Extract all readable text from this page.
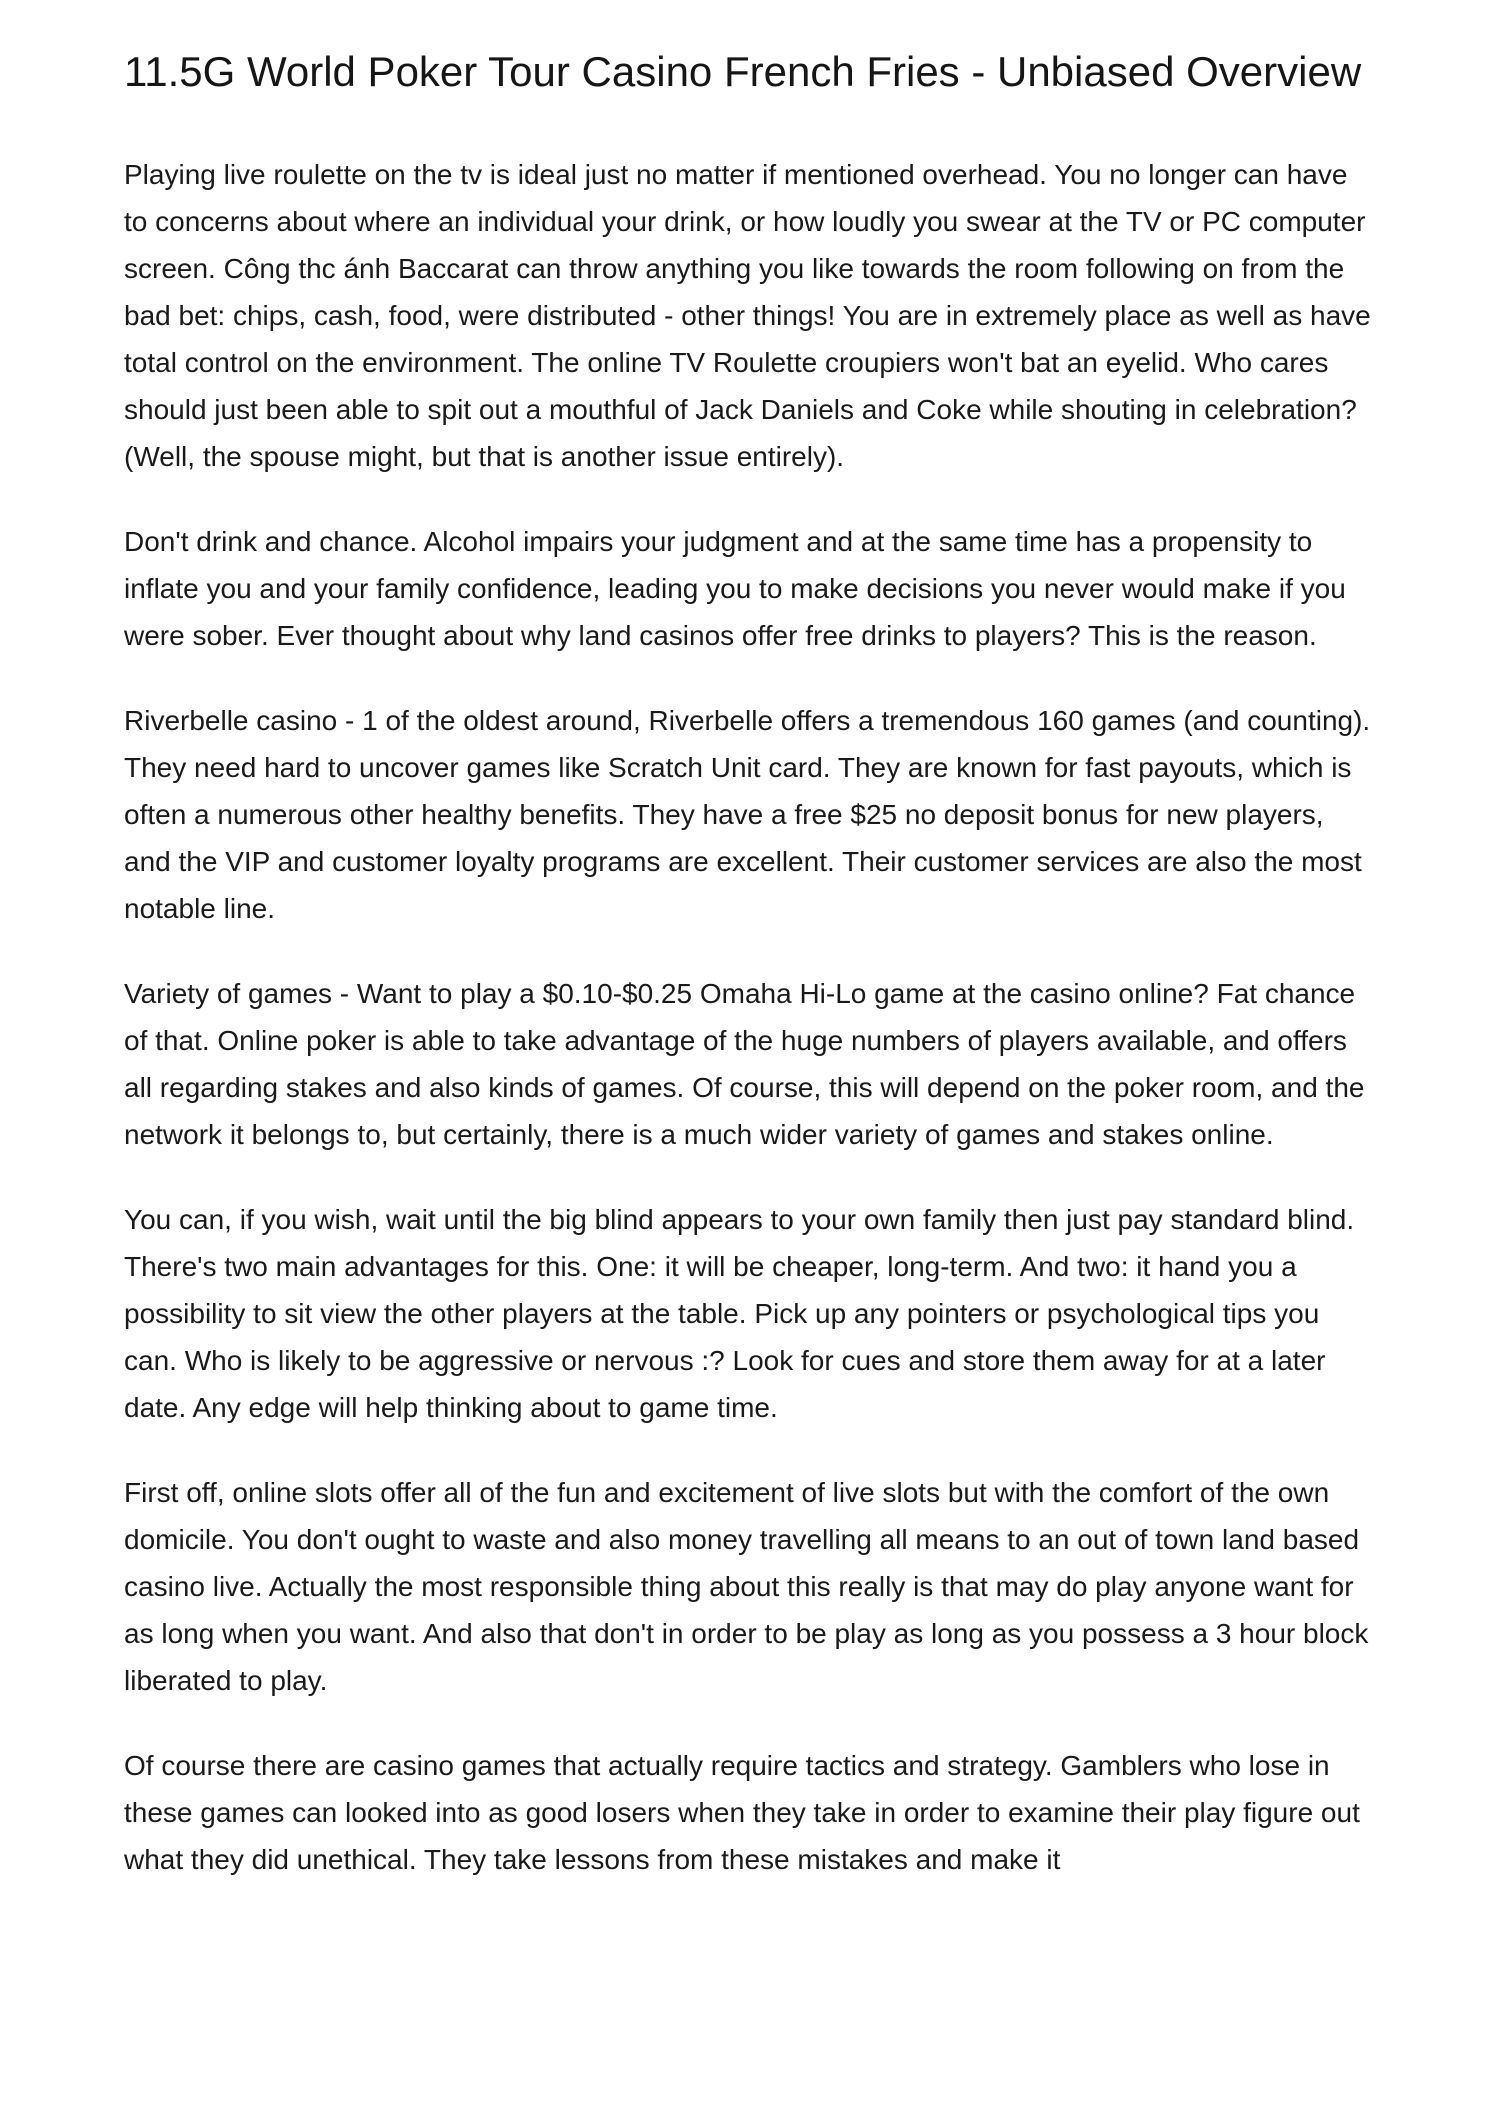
11.5G World Poker Tour Casino French Fries - Unbiased Overview

Playing live roulette on the tv is ideal just no matter if mentioned overhead. You no longer can have to concerns about where an individual your drink, or how loudly you swear at the TV or PC computer screen. Công thc ánh Baccarat can throw anything you like towards the room following on from the bad bet: chips, cash, food, were distributed - other things! You are in extremely place as well as have total control on the environment. The online TV Roulette croupiers won't bat an eyelid. Who cares should just been able to spit out a mouthful of Jack Daniels and Coke while shouting in celebration? (Well, the spouse might, but that is another issue entirely).

Don't drink and chance. Alcohol impairs your judgment and at the same time has a propensity to inflate you and your family confidence, leading you to make decisions you never would make if you were sober. Ever thought about why land casinos offer free drinks to players? This is the reason.

Riverbelle casino - 1 of the oldest around, Riverbelle offers a tremendous 160 games (and counting). They need hard to uncover games like Scratch Unit card. They are known for fast payouts, which is often a numerous other healthy benefits. They have a free $25 no deposit bonus for new players, and the VIP and customer loyalty programs are excellent. Their customer services are also the most notable line.

Variety of games - Want to play a $0.10-$0.25 Omaha Hi-Lo game at the casino online? Fat chance of that. Online poker is able to take advantage of the huge numbers of players available, and offers all regarding stakes and also kinds of games. Of course, this will depend on the poker room, and the network it belongs to, but certainly, there is a much wider variety of games and stakes online.

You can, if you wish, wait until the big blind appears to your own family then just pay standard blind. There's two main advantages for this. One: it will be cheaper, long-term. And two: it hand you a possibility to sit view the other players at the table. Pick up any pointers or psychological tips you can. Who is likely to be aggressive or nervous :? Look for cues and store them away for at a later date. Any edge will help thinking about to game time.

First off, online slots offer all of the fun and excitement of live slots but with the comfort of the own domicile. You don't ought to waste and also money travelling all means to an out of town land based casino live. Actually the most responsible thing about this really is that may do play anyone want for as long when you want. And also that don't in order to be play as long as you possess a 3 hour block liberated to play.

Of course there are casino games that actually require tactics and strategy. Gamblers who lose in these games can looked into as good losers when they take in order to examine their play figure out what they did unethical. They take lessons from these mistakes and make it
